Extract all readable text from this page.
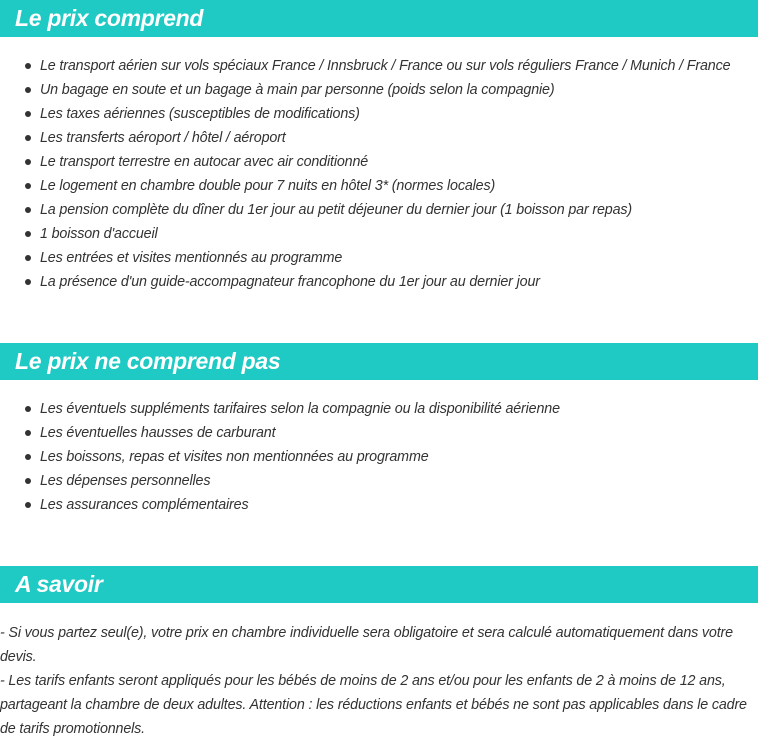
Le prix comprend
Le transport aérien sur vols spéciaux France / Innsbruck / France ou sur vols réguliers France / Munich / France
Un bagage en soute et un bagage à main par personne (poids selon la compagnie)
Les taxes aériennes (susceptibles de modifications)
Les transferts aéroport / hôtel / aéroport
Le transport terrestre en autocar avec air conditionné
Le logement en chambre double pour 7 nuits en hôtel 3* (normes locales)
La pension complète du dîner du 1er jour au petit déjeuner du dernier jour (1 boisson par repas)
1 boisson d'accueil
Les entrées et visites mentionnés au programme
La présence d'un guide-accompagnateur francophone du 1er jour au dernier jour
Le prix ne comprend pas
Les éventuels suppléments tarifaires selon la compagnie ou la disponibilité aérienne
Les éventuelles hausses de carburant
Les boissons, repas et visites non mentionnées au programme
Les dépenses personnelles
Les assurances complémentaires
A savoir

- Si vous partez seul(e), votre prix en chambre individuelle sera obligatoire et sera calculé automatiquement dans votre devis.

- Les tarifs enfants seront appliqués pour les bébés de moins de 2 ans et/ou pour les enfants de 2 à moins de 12 ans, partageant la chambre de deux adultes. Attention : les réductions enfants et bébés ne sont pas applicables dans le cadre de tarifs promotionnels.
